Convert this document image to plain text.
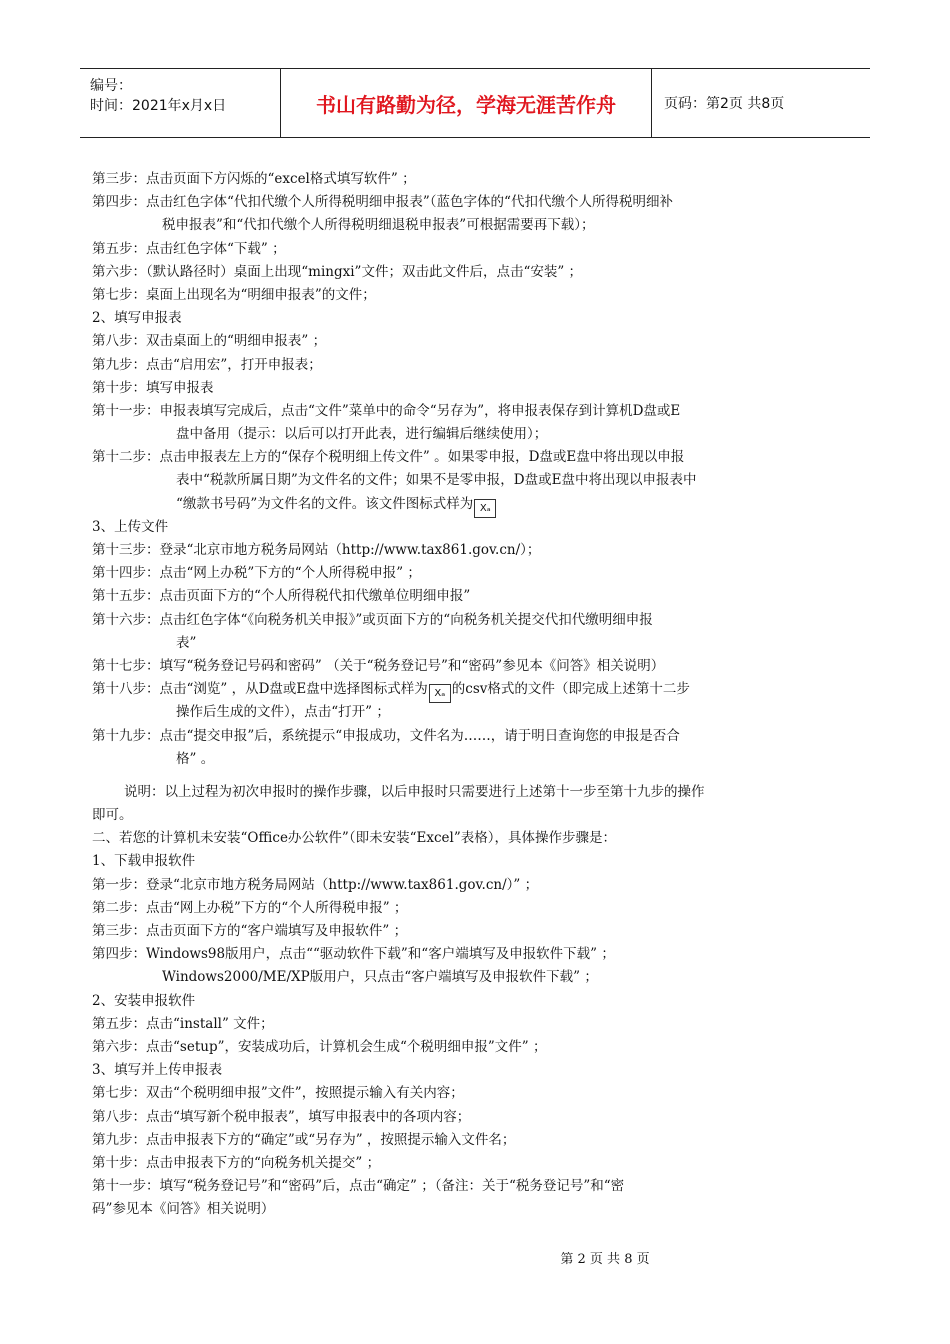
编号：
时间：2021年x月x日	书山有路勤为径，学海无涯苦作舟	页码：第2页 共8页
第三步：点击页面下方闪烁的“excel格式填写软件” ；
第四步：点击红色字体“代扣代缴个人所得税明细申报表”（蓝色字体的“代扣代缴个人所得税明细补
税申报表”和“代扣代缴个人所得税明细退税申报表”可根据需要再下载）；
第五步：点击红色字体“下载” ；
第六步：（默认路径时）桌面上出现“mingxi”文件；双击此文件后，点击“安装” ；
第七步：桌面上出现名为“明细申报表”的文件；
2、填写申报表
第八步：双击桌面上的“明细申报表” ；
第九步：点击“启用宏”，打开申报表；
第十步：填写申报表
第十一步：申报表填写完成后，点击“文件”菜单中的命令“另存为”，将申报表保存到计算机D盘或E
盘中备用（提示：以后可以打开此表，进行编辑后继续使用）；
第十二步：点击申报表左上方的“保存个税明细上传文件” 。如果零申报，D盘或E盘中将出现以申报
表中“税款所属日期”为文件名的文件；如果不是零申报，D盘或E盘中将出现以申报表中
“缴款书号码”为文件名的文件。该文件图标式样为 Xₐ
3、上传文件
第十三步：登录“北京市地方税务局网站（http://www.tax861.gov.cn/）；
第十四步：点击“网上办税”下方的“个人所得税申报” ；
第十五步：点击页面下方的“个人所得税代扣代缴单位明细申报”
第十六步：点击红色字体“《向税务机关申报》”或页面下方的“向税务机关提交代扣代缴明细申报
表”
第十七步：填写“税务登记号码和密码” （关于“税务登记号”和“密码”参见本《问答》相关说明）
第十八步：点击“浏览” ，从D盘或E盘中选择图标式样为 Xₐ 的csv格式的文件（即完成上述第十二步
操作后生成的文件），点击“打开” ；
第十九步：点击“提交申报”后，系统提示“申报成功，文件名为……，请于明日查询您的申报是否合
格” 。
说明：以上过程为初次申报时的操作步骤，以后申报时只需要进行上述第十一步至第十九步的操作
即可。
二、若您的计算机未安装“Office办公软件”（即未安装“Excel”表格），具体操作步骤是：
1、下载申报软件
第一步：登录“北京市地方税务局网站（http://www.tax861.gov.cn/）” ；
第二步：点击“网上办税”下方的“个人所得税申报” ；
第三步：点击页面下方的“客户端填写及申报软件” ；
第四步：Windows98版用户，点击““驱动软件下载”和“客户端填写及申报软件下载” ；
Windows2000/ME/XP版用户，只点击“客户端填写及申报软件下载” ；
2、安装申报软件
第五步：点击“install” 文件；
第六步：点击“setup”，安装成功后，计算机会生成“个税明细申报”文件” ；
3、填写并上传申报表
第七步：双击“个税明细申报”文件”，按照提示输入有关内容；
第八步：点击“填写新个税申报表”，填写申报表中的各项内容；
第九步：点击申报表下方的“确定”或“另存为” ，按照提示输入文件名；
第十步：点击申报表下方的“向税务机关提交” ；
第十一步：填写“税务登记号”和“密码”后，点击“确定” ；（备注：关于“税务登记号”和“密
码”参见本《问答》相关说明）
第 2 页 共 8 页
